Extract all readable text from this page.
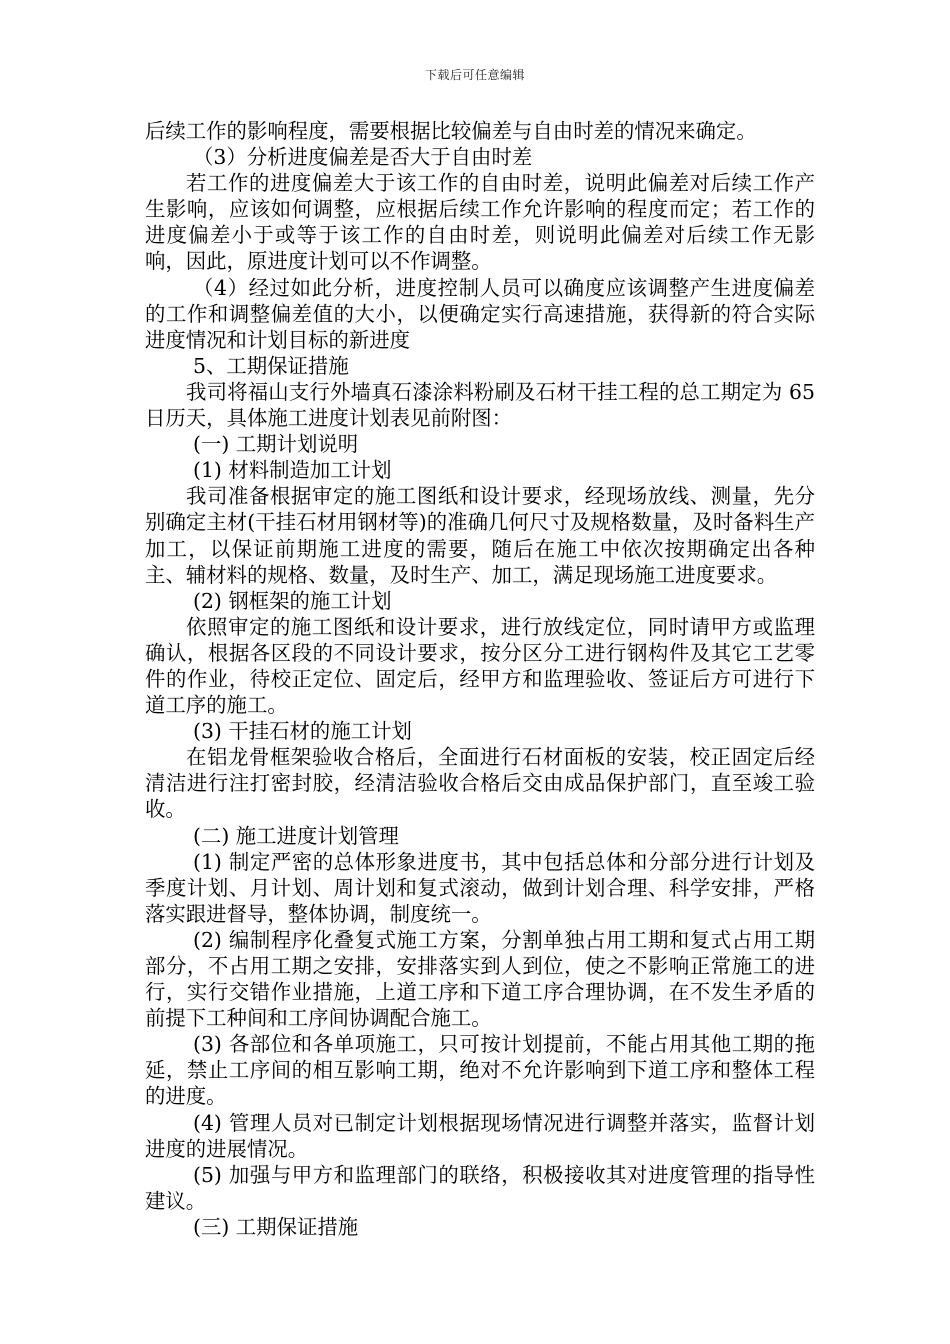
下载后可任意编辑

后续工作的影响程度，需要根据比较偏差与自由时差的情况来确定。

（3）分析进度偏差是否大于自由时差

若工作的进度偏差大于该工作的自由时差，说明此偏差对后续工作产生影响，应该如何调整，应根据后续工作允许影响的程度而定；若工作的进度偏差小于或等于该工作的自由时差，则说明此偏差对后续工作无影响，因此，原进度计划可以不作调整。

（4）经过如此分析，进度控制人员可以确度应该调整产生进度偏差的工作和调整偏差值的大小，以便确定实行高速措施，获得新的符合实际进度情况和计划目标的新进度

5、工期保证措施

我司将福山支行外墙真石漆涂料粉刷及石材干挂工程的总工期定为 65 日历天，具体施工进度计划表见前附图：

(一) 工期计划说明

(1) 材料制造加工计划

我司准备根据审定的施工图纸和设计要求，经现场放线、测量，先分别确定主材(干挂石材用钢材等)的准确几何尺寸及规格数量，及时备料生产加工，以保证前期施工进度的需要，随后在施工中依次按期确定出各种主、辅材料的规格、数量，及时生产、加工，满足现场施工进度要求。

(2) 钢框架的施工计划

依照审定的施工图纸和设计要求，进行放线定位，同时请甲方或监理确认，根据各区段的不同设计要求，按分区分工进行钢构件及其它工艺零件的作业，待校正定位、固定后，经甲方和监理验收、签证后方可进行下道工序的施工。

(3) 干挂石材的施工计划

在铝龙骨框架验收合格后，全面进行石材面板的安装，校正固定后经清洁进行注打密封胶，经清洁验收合格后交由成品保护部门，直至竣工验收。

(二) 施工进度计划管理

(1) 制定严密的总体形象进度书，其中包括总体和分部分进行计划及季度计划、月计划、周计划和复式滚动，做到计划合理、科学安排，严格落实跟进督导，整体协调，制度统一。

(2) 编制程序化叠复式施工方案，分割单独占用工期和复式占用工期部分，不占用工期之安排，安排落实到人到位，使之不影响正常施工的进行，实行交错作业措施，上道工序和下道工序合理协调，在不发生矛盾的前提下工种间和工序间协调配合施工。

(3) 各部位和各单项施工，只可按计划提前，不能占用其他工期的拖延，禁止工序间的相互影响工期，绝对不允许影响到下道工序和整体工程的进度。

(4) 管理人员对已制定计划根据现场情况进行调整并落实，监督计划进度的进展情况。

(5) 加强与甲方和监理部门的联络，积极接收其对进度管理的指导性建议。

(三) 工期保证措施
